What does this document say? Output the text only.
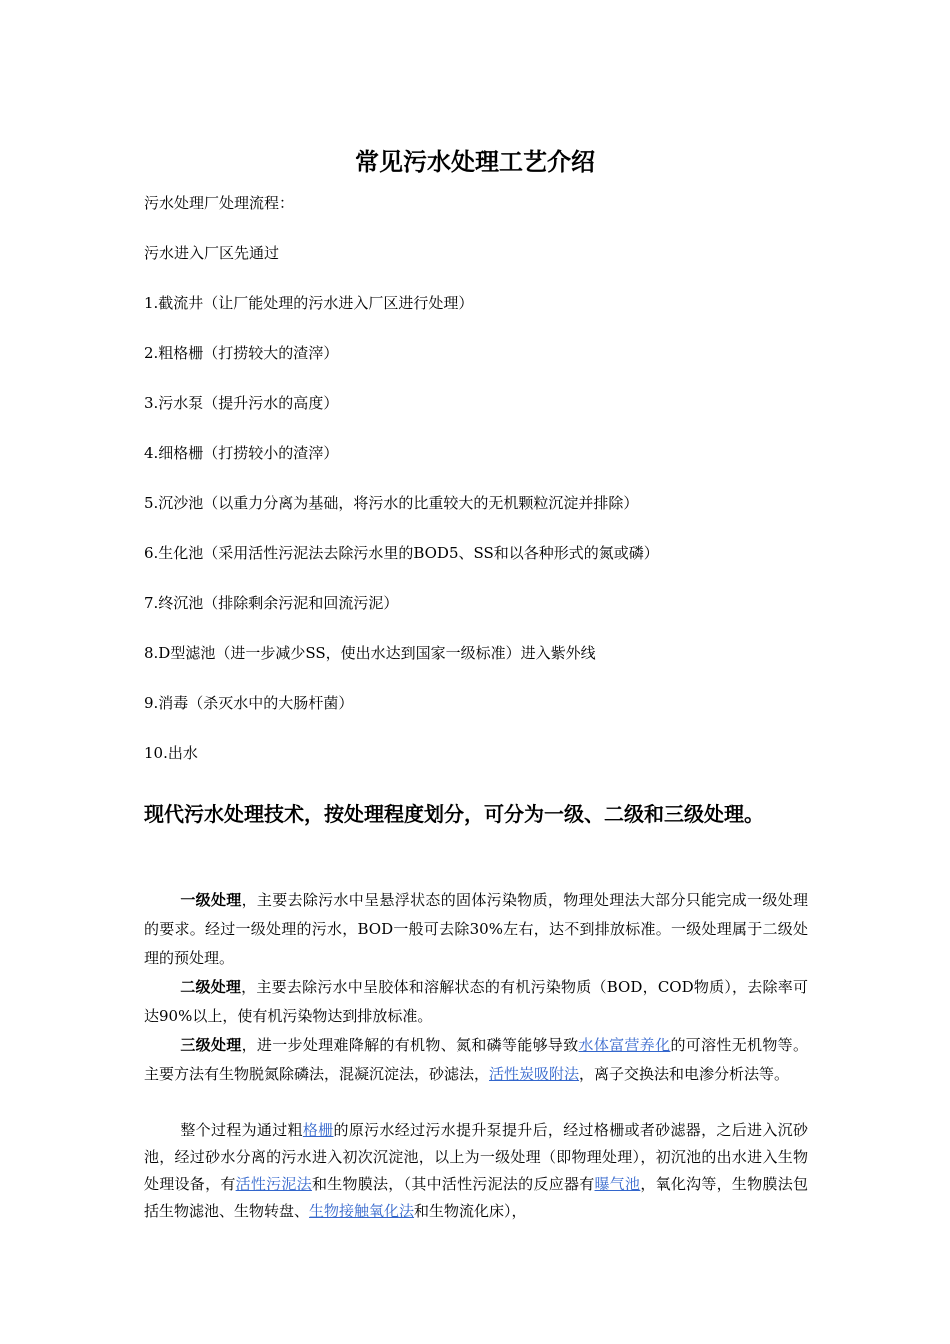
常见污水处理工艺介绍
污水处理厂处理流程：
污水进入厂区先通过
1.截流井（让厂能处理的污水进入厂区进行处理）
2.粗格栅（打捞较大的渣滓）
3.污水泵（提升污水的高度）
4.细格栅（打捞较小的渣滓）
5.沉沙池（以重力分离为基础，将污水的比重较大的无机颗粒沉淀并排除）
6.生化池（采用活性污泥法去除污水里的BOD5、SS和以各种形式的氮或磷）
7.终沉池（排除剩余污泥和回流污泥）
8.D型滤池（进一步减少SS，使出水达到国家一级标准）进入紫外线
9.消毒（杀灭水中的大肠杆菌）
10.出水
现代污水处理技术，按处理程度划分，可分为一级、二级和三级处理。
一级处理，主要去除污水中呈悬浮状态的固体污染物质，物理处理法大部分只能完成一级处理的要求。经过一级处理的污水，BOD一般可去除30%左右，达不到排放标准。一级处理属于二级处理的预处理。
二级处理，主要去除污水中呈胶体和溶解状态的有机污染物质（BOD，COD物质），去除率可达90%以上，使有机污染物达到排放标准。
三级处理，进一步处理难降解的有机物、氮和磷等能够导致水体富营养化的可溶性无机物等。主要方法有生物脱氮除磷法，混凝沉淀法，砂滤法，活性炭吸附法，离子交换法和电渗分析法等。
整个过程为通过粗格栅的原污水经过污水提升泵提升后，经过格栅或者砂滤器，之后进入沉砂池，经过砂水分离的污水进入初次沉淀池，以上为一级处理（即物理处理），初沉池的出水进入生物处理设备，有活性污泥法和生物膜法，（其中活性污泥法的反应器有曝气池，氧化沟等，生物膜法包括生物滤池、生物转盘、生物接触氧化法和生物流化床），
